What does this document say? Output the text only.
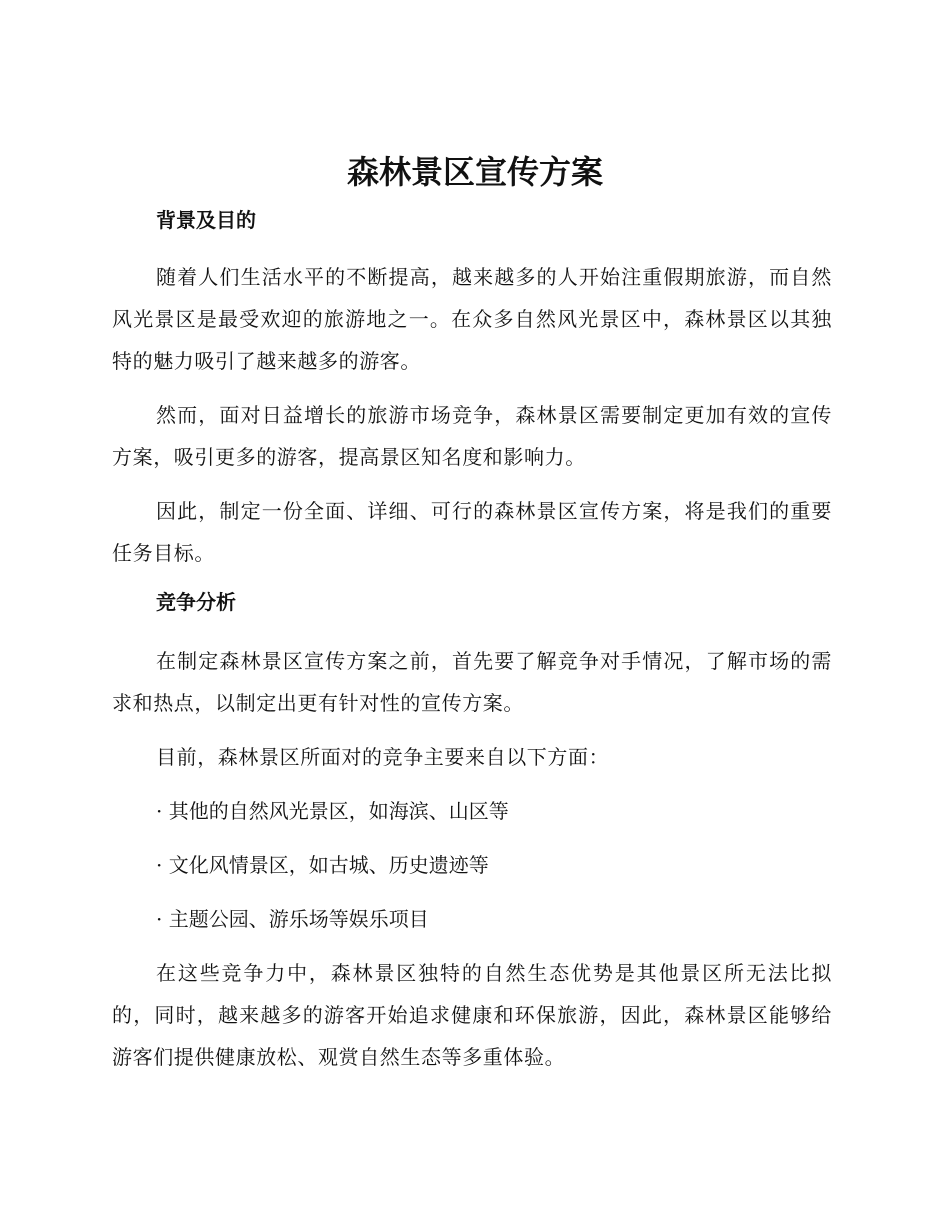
森林景区宣传方案
背景及目的

随着人们生活水平的不断提高，越来越多的人开始注重假期旅游，而自然风光景区是最受欢迎的旅游地之一。在众多自然风光景区中，森林景区以其独特的魅力吸引了越来越多的游客。

然而，面对日益增长的旅游市场竞争，森林景区需要制定更加有效的宣传方案，吸引更多的游客，提高景区知名度和影响力。

因此，制定一份全面、详细、可行的森林景区宣传方案，将是我们的重要任务目标。

竞争分析

在制定森林景区宣传方案之前，首先要了解竞争对手情况，了解市场的需求和热点，以制定出更有针对性的宣传方案。

目前，森林景区所面对的竞争主要来自以下方面：

· 其他的自然风光景区，如海滨、山区等

· 文化风情景区，如古城、历史遗迹等

· 主题公园、游乐场等娱乐项目

在这些竞争力中，森林景区独特的自然生态优势是其他景区所无法比拟的，同时，越来越多的游客开始追求健康和环保旅游，因此，森林景区能够给游客们提供健康放松、观赏自然生态等多重体验。
